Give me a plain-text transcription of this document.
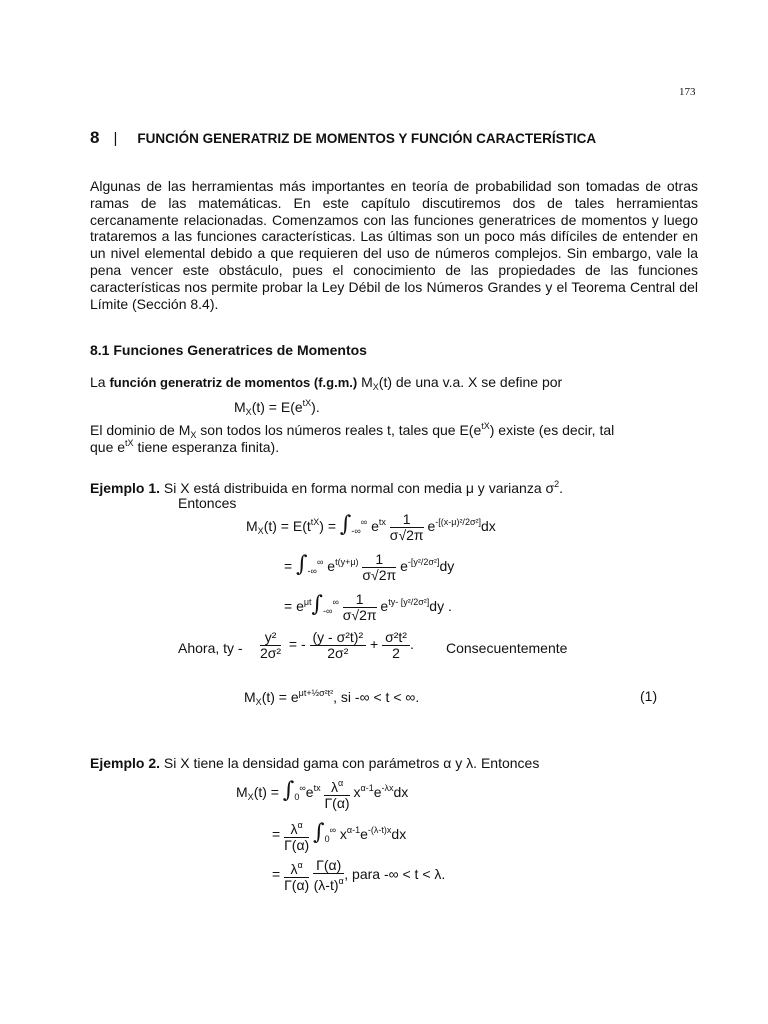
173
8 | FUNCIÓN GENERATRIZ DE MOMENTOS Y FUNCIÓN CARACTERÍSTICA
Algunas de las herramientas más importantes en teoría de probabilidad son tomadas de otras ramas de las matemáticas. En este capítulo discutiremos dos de tales herramientas cercanamente relacionadas. Comenzamos con las funciones generatrices de momentos y luego trataremos a las funciones características. Las últimas son un poco más difíciles de entender en un nivel elemental debido a que requieren del uso de números complejos. Sin embargo, vale la pena vencer este obstáculo, pues el conocimiento de las propiedades de las funciones características nos permite probar la Ley Débil de los Números Grandes y el Teorema Central del Límite (Sección 8.4).
8.1 Funciones Generatrices de Momentos
La función generatriz de momentos (f.g.m.) $M_X(t)$ de una v.a. X se define por
$M_X(t) = E(e^{tX})$.
El dominio de $M_X$ son todos los números reales t, tales que $E(e^{tX})$ existe (es decir, tal
que $e^{tX}$ tiene esperanza finita).
Ejemplo 1. Si X está distribuida en forma normal con media μ y varianza $\sigma^2$.
Entonces
$M_X(t) = E(t^{tX}) = \int_{-\infty}^\infty$ $e^{tx} \frac{1}{\sigma√2\pi} e^{-[(x-\mu)^2/2\sigma^2]}dx$
= $\int_{-\infty}^\infty$ $e^{t(y+\mu)} \frac{1}{\sigma√2\pi} e^{-[y^2/2\sigma^2]}dy$
= $e^{\mu t}\int_{-\infty}^\infty \frac{1}{\sigma√2\pi} e^{ty- [y^2/2\sigma^2]}dy$ .
Ahora, ty - $\frac{\text{y²}}{\text{2σ²}}$ = - $\frac{\text{(y - σ²t)²}}{\text{2σ²}} + \frac{\text{σ²t²}}{2}$ . Consecuentemente
$M_X(t) = e^{\mu t+\frac{1}{2}\sigma^2t^2}$, si -∞ < t < ∞.	(1)
Ejemplo 2. Si X tiene la densidad gama con parámetros α y λ. Entonces
$M_X(t) = \int_0^\infty e^{tx} \frac{\lambda^\alpha}{\Gamma(\alpha)} x^{\alpha-1}e^{-\lambda x}dx$
= $\frac{\lambda^\alpha}{\Gamma(\alpha)} \int_0^\infty$ $x^{\alpha-1}e^{-(\lambda-t)x}dx$
= $\frac{\lambda^\alpha}{\Gamma(\alpha)}$
$\frac{\Gamma(\alpha)}{(\lambda-t)^\alpha}$ , para -∞ < t < λ.
